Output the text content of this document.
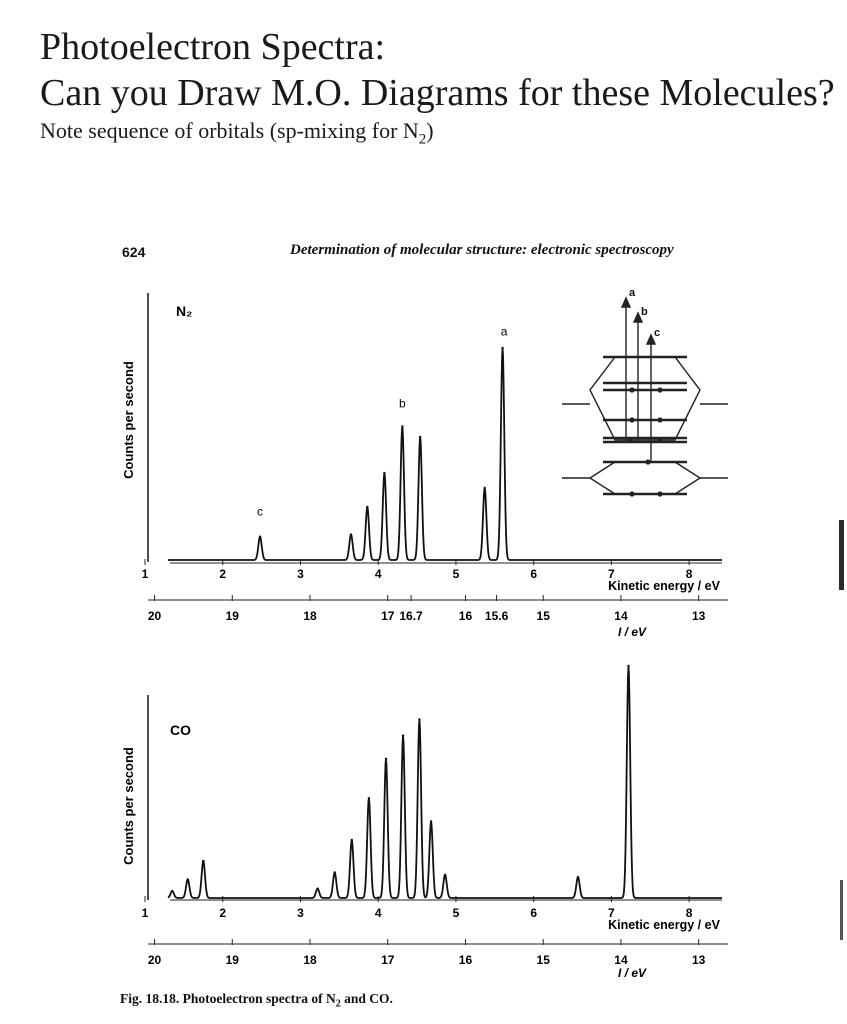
Photoelectron Spectra:
Can you Draw M.O. Diagrams for these Molecules?
Note sequence of orbitals (sp-mixing for $N_2$)
624	Determination of molecular structure: electronic spectroscopy
Counts per second
N₂
c
b
a
1	2	3	4	5	6	7	8
Kinetic energy / eV
20	19	18	17 16.7	16 15.6 15	14	13
I / eV
a
b
c
Counts per second
CO
1	2	3	4	5	6	7	8
Kinetic energy / eV
20	19	18	17	16	15	14	13
I / eV
Fig. 18.18. Photoelectron spectra of $N_2$ and CO.
